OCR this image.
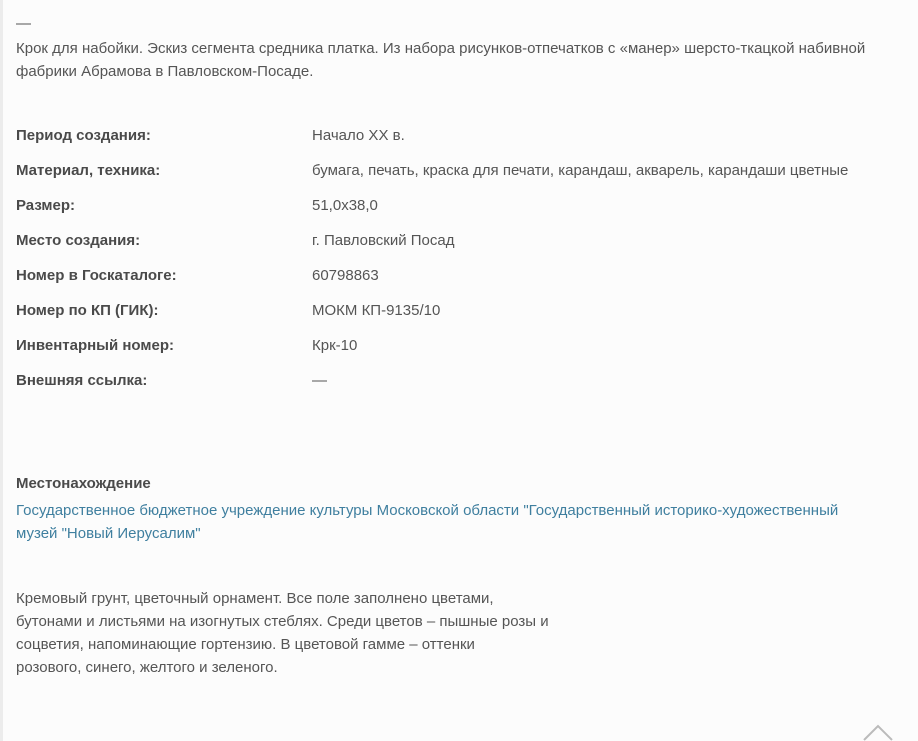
—

Крок для набойки. Эскиз сегмента средника платка. Из набора рисунков-отпечатков с «манер» шерсто-ткацкой набивной фабрики Абрамова в Павловском-Посаде.

Период создания:	Начало XX в.
Материал, техника:	бумага, печать, краска для печати, карандаш, акварель, карандаши цветные
Размер:	51,0x38,0
Место создания:	г. Павловский Посад
Номер в Госкаталоге:	60798863
Номер по КП (ГИК):	МОКМ КП-9135/10
Инвентарный номер:	Крк-10
Внешняя ссылка:	—
Местонахождение
Государственное бюджетное учреждение культуры Московской области "Государственный историко-художественный музей "Новый Иерусалим"
Кремовый грунт, цветочный орнамент. Все поле заполнено цветами,
бутонами и листьями на изогнутых стеблях. Среди цветов – пышные розы и
соцветия, напоминающие гортензию. В цветовой гамме – оттенки
розового, синего, желтого и зеленого.
